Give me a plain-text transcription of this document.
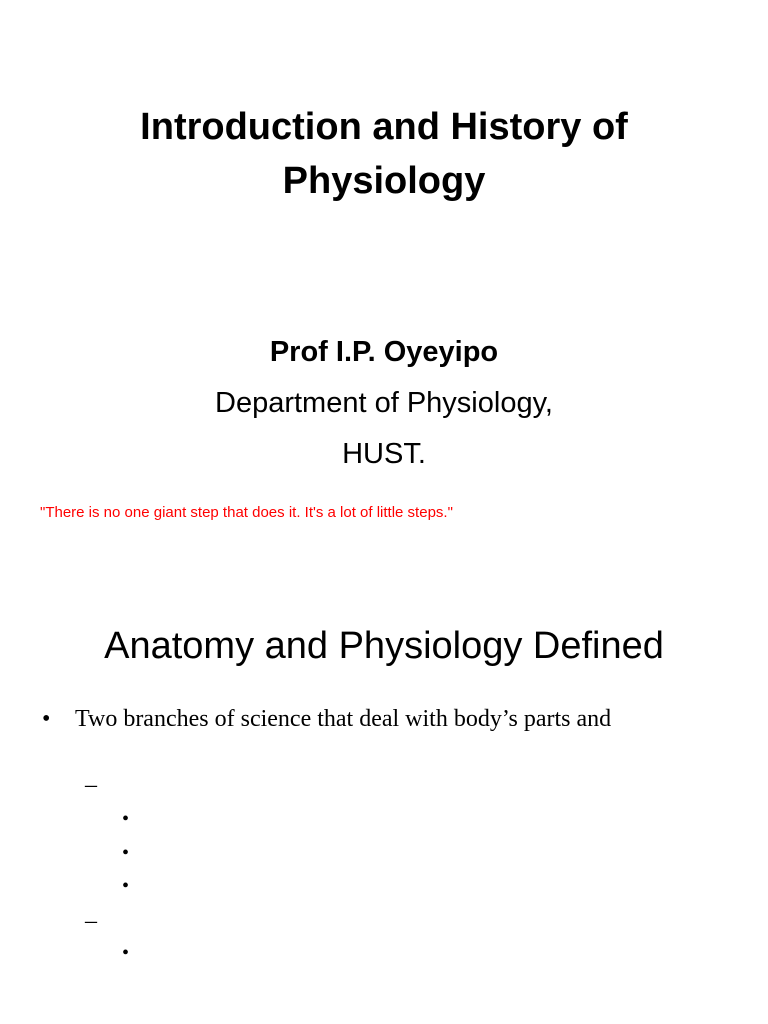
Introduction and History of
Physiology
Prof I.P. Oyeyipo
Department of Physiology,
HUST.
"There is no one giant step that does it. It's a lot of little steps."
Anatomy and Physiology Defined
• Two branches of science that deal with body’s parts and
–
•
•
•
–
•
